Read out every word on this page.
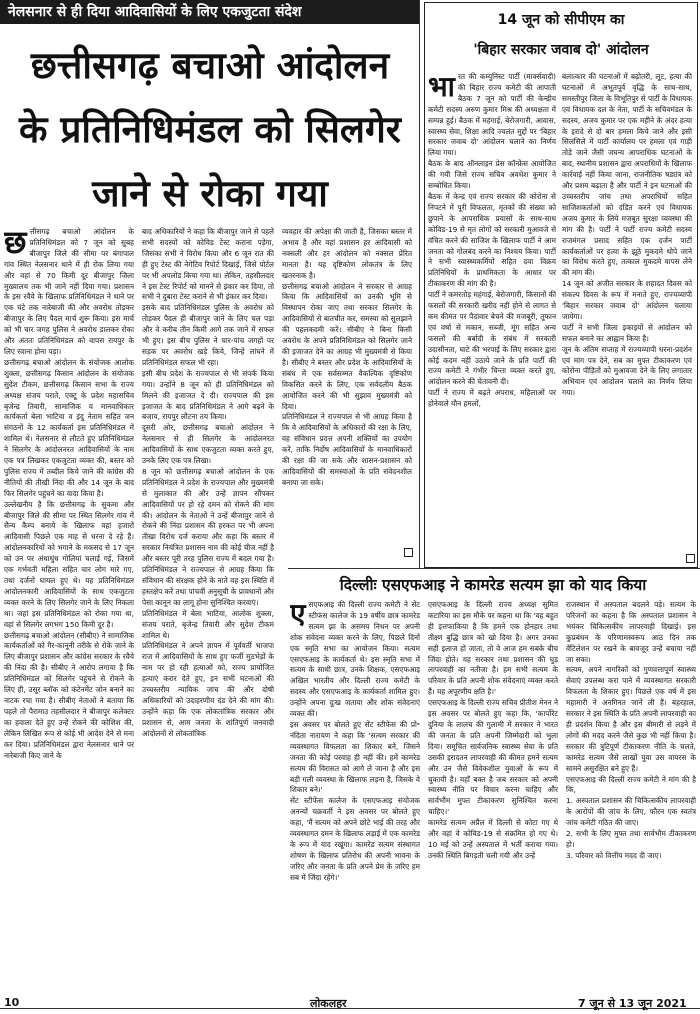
नेलसनार से ही दिया आदिवासियों के लिए एकजुटता संदेश
छत्तीसगढ़ बचाओ आंदोलन
के प्रतिनिधिमंडल को सिलगेर
जाने से रोका गया
छत्तीसगढ़ बचाओ आंदोलन के प्रतिनिधिमंडल को 7 जून को सुबह बीजापुर जिले की सीमा पर बंगापाल गांव स्थित नेलसनार थाने में ही रोक लिया गया और वहां से 70 किमी दूर बीजापुर जिला मुख्यालय तक भी जाने नहीं दिया गया। प्रशासन के इस रवैये के खिलाफ प्रतिनिधिमंडल ने थाने पर एक घंटे तक नारेबाजी की और अवरोध तोड़कर बीजापुर के लिए पैदल मार्च शुरू किया। इस मार्च को भी चार जगह पुलिस ने अवरोध डालकर रोका और अंततः प्रतिनिधिमंडल को वापस रायपुर के लिए रवाना होना पड़ा।
छत्तीसगढ़ बचाओ आंदोलन के संयोजक आलोक शुक्ला, छत्तीसगढ़ किसान आंदोलन के संयोजक सुदेश टीकम, छत्तीसगढ़ किसान सभा के राज्य अध्यक्ष संजय पराते, एक्टू के प्रदेश महासचिव बृजेन्द्र तिवारी, सामाजिक व मानवाधिकार कार्यकर्ता बेला भाटिया व इंदु नेताम सहित जन संगठनों के 12 कार्यकर्ता इस प्रतिनिधिमंडल में शामिल थे। नेलसनार से लौटते हुए प्रतिनिधिमंडल ने सिलगेर के आंदोलनरत आदिवासियों के नाम एक पत्र लिखकर एकजुटता व्यक्त की, बस्तर को पुलिस राज्य में तब्दील किये जाने की कांग्रेस की नीतियों की तीखी निंदा की और 14 जून के बाद फिर सिलगेर पहुंचने का वादा किया है।
उल्लेखनीय है कि छत्तीसगढ़ के सुकमा और बीजापुर जिले की सीमा पर स्थित सिलगेर गांव में सैन्य कैम्प बनाये के खिलाफ वहां हजारों आदिवासी पिछले एक माह से धरना दे रहे हैं। आंदोलनकारियों को भगाने के मकसद से 17 जून को उन पर अंधाधुंध गोलियां चलाई गई, जिसमें एक गर्भवती महिला सहित चार लोग मारे गए, तथा दर्जनों घायल हुए थे। यह प्रतिनिधिमंडल आंदोलनकारी आदिवासियों के साथ एकजुटता व्यक्त करने के लिए सिलगेर जाने के लिए निकला था। जहां इस प्रतिनिधिमंडल को रोका गया था, वहां से सिलगेर लगभग 150 किमी दूर है।
छत्तीसगढ़ बचाओ आंदोलन (सीबीए) ने सामाजिक कार्यकर्ताओं को गैर-कानूनी तरीके से रोके जाने के लिए बीजापुर प्रशासन और कांग्रेस सरकार के रवैये की निंदा की है। सीबीए ने आरोप लगाया है कि प्रतिनिधिमंडल को सिलगेर पहुंचने से रोकने के लिए ही, उसूर ब्लॉक को कंटेनमेंट जोन बनाने का नाटक रचा गया है। सीबीए नेताओं ने बताया कि पहले तो पैरामाउ तहसीलदार ने बीजापुर कलेक्टर का हवाला देते हुए उन्हें रोकने की कोशिश की, लेकिन लिखित रूप से कोई भी आदेश देने से मना कर दिया। प्रतिनिधिमंडल द्वारा नेलसनार थाने पर नारेबाजी किए जाने के
बाद अधिकारियों ने कहा कि बीजापुर जाने से पहले सभी सदस्यों को कोविड टेस्ट कराना पड़ेगा, जिसका सभी ने विरोध किया और 6 जून रात की ही हुए टेस्ट की नेगेटिव रिपोर्ट दिखाई, जिसे पोर्टल पर भी अपलोड किया गया था। लेकिन, तहसीलदार ने इस टेस्ट रिपोर्ट को मानने से इंकार कर दिया, तो सभी ने दुबारा टेस्ट कराने से भी इंकार कर दिया।
इसके बाद प्रतिनिधिमंडल पुलिस के अवरोध को तोड़कर पैदल ही बीजापुर जाने के लिए चल पड़ा और वे करीब तीन किमी आगे तक जाने में सफल भी हुए। इस बीच पुलिस ने चार-पांच जगहों पर सड़क पर अवरोध खड़े किये, जिन्हें लांघने में प्रतिनिधिमंडल सफल भी रहा।
इसी बीच प्रदेश के राज्यपाल से भी संपर्क किया गया। उन्होंने 8 जून को ही प्रतिनिधिमंडल को मिलने की इजाजत दे दी। राज्यपाल की इस इजाजत के बाद प्रतिनिधिमंडल ने आगे बढ़ने के बजाय, रायपुर लौटना तय किया।
दूसरी ओर, छत्तीसगढ़ बचाओ आंदोलन ने नेलसनार से ही सिलगेर के आंदोलनरत आदिवासियों के साथ एकजुटता व्यक्त करते हुए, उनके लिए एक पत्र लिखा।
8 जून को छत्तीसगढ़ बचाओ आंदोलन के एक प्रतिनिधिमंडल ने प्रदेश के राज्यपाल और मुख्यमंत्री से मुलाकात की और उन्हें ज्ञापन सौंपकर आदिवासियों पर हो रहे दमन को रोकने की मांग की। आंदोलन के नेताओं ने उन्हें बीजापुर जाने से रोकने की निंदा प्रशासन की हरकत पर भी अपना तीखा विरोध दर्ज कराया और कहा कि बस्तर में सरकार नियंत्रित प्रशासन नाम की कोई चीज नहीं है और बस्तर पूरी तरह पुलिस राज्य में बदल गया है। प्रतिनिधिमंडल ने राज्यपाल से आग्रह किया कि संविधान की संरक्षक होने के नाते वह इस स्थिति में हस्तक्षेप करें तथा पांचवीं अनुसूची के प्रावधानों और पेसा कानून का लागू होना सुनिश्चित करवाएं।
प्रतिनिधिमंडल में बेला भाटिया, आलोक शुक्ला, संजय पराते, बृजेन्द्र तिवारी और सुदेश टीकम शामिल थे।
प्रतिनिधिमंडल ने अपने ज्ञापन में पूर्ववर्ती भाजपा राज में आदिवासियों के साथ हुए फर्जी मुठभेड़ों के नाम पर हो रही हत्याओं को, राज्य प्रायोजित हत्याएं करार देते हुए, इन सभी घटनाओं की उच्चस्तरीय न्यायिक जांच की और दोषी अधिकारियों को उदाहरणीय दंड देने की मांग की। उन्होंने कहा कि एक लोकतांत्रिक सरकार और प्रशासन से, आम जनता के शांतिपूर्ण जनवादी आंदोलनों से लोकतांत्रिक
व्यवहार की अपेक्षा की जाती है, जिसका बस्तर में अभाव है और वहां प्रशासन हर आदिवासी को नक्सली और हर आंदोलन को नक्सल प्रेरित मानता है। यह दृष्टिकोण लोकतंत्र के लिए खतरनाक है।
छत्तीसगढ़ बचाओ आंदोलन ने सरकार से आग्रह किया कि आदिवासियों का उनकी भूमि से विस्थापन रोका जाए तथा सरकार सिलगेर के आदिवासियों से बातचीत कर, समस्या को सुलझाने की पहलकदमी करें। सीबीए ने बिना किसी अवरोध के अपने प्रतिनिधिमंडल को सिलगेर जाने की इजाजत देने का आग्रह भी मुख्यमंत्री से किया है। सीबीए ने बस्तर और प्रदेश के आदिवासियों के संबंध में एक सर्वसम्मत वैकल्पिक दृष्टिकोण विकसित करने के लिए, एक सर्वदलीय बैठक आयोजित करने की भी सुझाव मुख्यमंत्री को दिया।
प्रतिनिधिमंडल ने राज्यपाल से भी आग्रह किया है कि वे आदिवासियों के अधिकारों की रक्षा के लिए, वह संविधान प्रदत्त अपनी शक्तियों का उपयोग करें, ताकि निर्दोष आदिवासियों के मानवाधिकारों की रक्षा की जा सके और शासन-प्रशासन को आदिवासियों की समस्याओं के प्रति संवेदनशील बनाया जा सके।
14 जून को सीपीएम का
'बिहार सरकार जवाब दो' आंदोलन
भारत की कम्युनिस्ट पार्टी (मार्क्सवादी) की बिहार राज्य कमेटी की आपाती बैठक 7 जून को पार्टी की केन्द्रीय कमेटी सदस्य अरुण कुमार मिश्र की अध्यक्षता में सम्पन्न हुई। बैठक में महंगाई, बेरोजगारी, आवास, स्वास्थ्य सेवा, शिक्षा आदि ज्वलंत मुद्दों पर 'बिहार सरकार जवाब दो' आंदोलन चलाने का निर्णय लिया गया।
बैठक के बाद ऑनलाइन प्रेस कॉन्फ्रेंस आयोजित की गयी जिसे राज्य सचिव अवधेश कुमार ने सम्बोधित किया।
बैठक में केन्द्र एवं राज्य सरकार की कोरोना से निपटने में पूरी विफलता, मृतकों की संख्या को छुपाने के आपराधिक प्रयासों के साथ-साथ कोविड-19 से मृत लोगों को सरकारी मुआवजे से वंचित करने की साजिश के खिलाफ पार्टी ने आम जनता को गोलबंद करने का निश्चय किया। पार्टी ने सभी स्वास्थ्यकर्मियों सहित दवा विक्रय प्रतिनिधियों के प्राथमिकता के आधार पर टीकाकरण की मांग की है।
पार्टी ने कमरतोड़ महंगाई, बेरोजगारी, किसानों की फसलों की सरकारी खरीद नहीं होने से लागत से कम कीमत पर पैदावार बेचने की मजबूरी, तूफान एवं वर्षा से मकान, सब्जी, मूंग सहित अन्य फसलों की बर्बादी के संबंध में सरकारी उदासीनता, घाटे की भरपाई के लिए सरकार द्वारा कोई कदम नहीं उठाये जाने के प्रति पार्टी की राज्य कमेटी ने गंभीर चिन्ता व्यक्त करते हुए, आंदोलन करने की चेतावनी दी।
पार्टी ने राज्य में बढ़ते अपराध, महिलाओं पर होनेवाले यौन हमलों,
बलात्कार की घटनाओं में बढ़ोतरी, लूट, हत्या की घटनाओं में अभूतपूर्व वृद्धि के साथ-साथ, समस्तीपुर जिला के विभूतिपुर से पार्टी के विधायक एवं विधायक दल के नेता, पार्टी के सचिवमंडल के सदस्य, अजय कुमार पर एक महीने के अंदर हत्या के इरादे से दो बार हमला किये जाने और इसी सिलसिले में पार्टी कार्यालय पर हमला एवं गाड़ी तोड़े जाने जैसी जघन्य आपराधिक घटनाओं के बाद, स्थानीय प्रशासन द्वारा अपराधियों के खिलाफ कार्रवाई नहीं किया जाना, राजनीतिक षड्यंत्र को और प्रशय बढ़ाता है और पार्टी ने इन घटनाओं की उच्चस्तरीय जांच तथा अपराधियों सहित साजिशकर्ताओं को दंडित करने एवं विधायक अजय कुमार के लिये मजबूत सुरक्षा व्यवस्था की मांग की है। पार्टी ने पार्टी राज्य कमेटी सदस्य राजमंगल प्रसाद सहित एक दर्जन पार्टी कार्यकर्ताओं पर हत्या के झूठे मुकदमे थोपे जाने का विरोध करते हुए, तत्काल मुकदमे वापस लेने की मांग की।
14 जून को अजीत सरकार के शहादत दिवस को संकल्प दिवस के रूप में मनाते हुए, राज्यव्यापी 'बिहार सरकार जवाब दो' आंदोलन चलाया जायेगा।
पार्टी ने सभी जिला इकाइयों से आंदोलन को सफल बनाने का आह्वान किया है।
जून के अंतिम सप्ताह में राज्यव्यापी धरना-प्रदर्शन एवं मांग पत्र देने, सब का मुफ्त टीकाकरण एवं कोरोना पीड़ितों को मुआवजा देने के लिए लगातार अभियान एवं आंदोलन चलाने का निर्णय लिया गया।
दिल्लीः एसएफआइ ने कामरेड सत्यम झा को याद किया
एसएफआइ की दिल्ली राज्य कमेटी ने सेंट स्टीफंस कालेज के 19 वर्षीय छात्र कामरेड सत्यम झा के असमय निधन पर अपनी शोक संवेदना व्यक्त करने के लिए, पिछले दिनों एक स्मृति सभा का आयोजन किया। सत्यम एसएफआइ के कार्यकर्ता थे। इस स्मृति सभा में सत्यम के साथी छात्र, उनके शिक्षक, एसएफआइ अखिल भारतीय और दिल्ली राज्य कमेटी के सदस्य और एसएफआइ के कार्यकर्ता शामिल हुए। उन्होंने अपना दुःख जताया और शोक संवेदनाएं व्यक्त कीं।
इस अवसर पर बोलते हुए सेंट स्टीफेंस की प्रो॰ नंदिता नारायण ने कहा कि 'सत्यम सरकार की व्यवस्थागत विफलता का शिकार बने, जिसने जनता की कोई परवाह ही नहीं की। हमें कामरेड सत्यम की विरासत को आगे ले जाना है और इस बड़ी गली व्यवस्था के खिलाफ लड़ना है, जिसके वे शिकार बने।'
सेंट स्टीफेंस कालेज के एसएफआइ संयोजक अनन्यों चक्रवर्ती ने इस अवसर पर बोलते हुए कहा, 'मैं सत्यम को अपने छोटे भाई की तरह और व्यवस्थागत दमन के खिलाफ लड़ाई में एक कामरेड के रूप में याद रखूंगा। कामरेड सत्यम संस्थागत शोषण के खिलाफ प्रतिरोध की अपनी भावना के जरिए और जनता के प्रति अपने प्रेम के जरिए हम सब में जिंदा रहेंगे।'
एसएफआइ के दिल्ली राज्य अध्यक्ष सुमित कटारिया का इस मौके पर कहना था कि 'वह बहुत ही इत्तफाकिया है कि हमने एक होनहार तथा तीक्ष्ण बुद्धि छात्र को खो दिया है। अगर उनका सही इलाज हो जाता, तो वे आज हम सबके बीच जिंदा होते। यह सरकार तथा प्रशासन की घुड़ लापरवाही का नतीजा है। हम सभी सत्यम के परिवार के प्रति अपनी शोक संवेदनाएं व्यक्त करते हैं। यह अपूरणीय क्षति है।'
एसएफआइ के दिल्ली राज्य सचिव प्रीतीश मेनन ने इस अवसर पर बोलते हुए कहा कि, 'कार्पोरेट दुनिया के लालच की गुलामी में सरकार ने भारत की जनता के प्रति अपनी जिम्मेदारी को भुला दिया। समूचित सार्वजनिक स्वास्थ्य सेवा के प्रति उसकी इरादतन लापरवाही की कीमत हमने सत्यम और उन जैसे विवेकशील युवाओं के रूप में चुकायी है। यहाँ बक्त है जब सरकार को अपनी स्वास्थ्य नीति पर विचार करना चाहिए और सार्वभौम मुफ्त टीकाकरण सुनिश्चित करना चाहिए।'
कामरेड सत्यम अप्रैल में दिल्ली से कोटा गए थे और वहां वे कोविड-19 से संक्रमित हो गए थे। 10 मई को उन्हें अस्पताल में भर्ती कराया गया। उनकी स्थिति बिगड़ती चली गयी और उन्हें
राजस्थान में अस्पताल बदलने पड़े। सत्यम के परिजनों का कहना है कि अस्पताल प्रशासन ने भयंकर चिकित्सकीय लापरवाही दिखाई। इस कुप्रबंधन के परिणामस्वरूप आठ दिन तक वेंटिलेशन पर रखने के बावजूद उन्हें बचाया नहीं जा सका।
सत्यम, अपने नागरिकों को गुणवत्तापूर्ण स्वास्थ्य सेवाएं उपलब्ध करा पाने में व्यवस्थागत सरकारी विफलता के शिकार हुए। पिछले एक वर्ष में इस महामारी ने अनगिनत जानें ली हैं। बहरहाल, सरकार ने इस स्थिति के प्रति अपनी लापरवाही का ही प्रदर्शन किया है और इस बीमारी से लड़ने में लोगों की मदद करने जैसे कुछ भी नहीं किया है। सरकार की त्रुटिपूर्ण टीकाकरण नीति के चलते, कामरेड सत्यम जैसे लाखों युवा उस वायरस के सामने असुरक्षित बने हुए हैं।
एसएफआइ की दिल्ली राज्य कमेटी ने मांग की है कि,
1. अस्पताल प्रशासन की चिकित्सकीय लापरवाही के आरोपों की जांच के लिए, फौरन एक स्वतंत्र जांच कमेटी गठित की जाए।
2. सभी के लिए मुफ्त तथा सार्वभौम टीकाकरण हो।
3. परिवार को वित्तीय मदद दी जाए।
10	लोकलहर	7 जून से 13 जून 2021
